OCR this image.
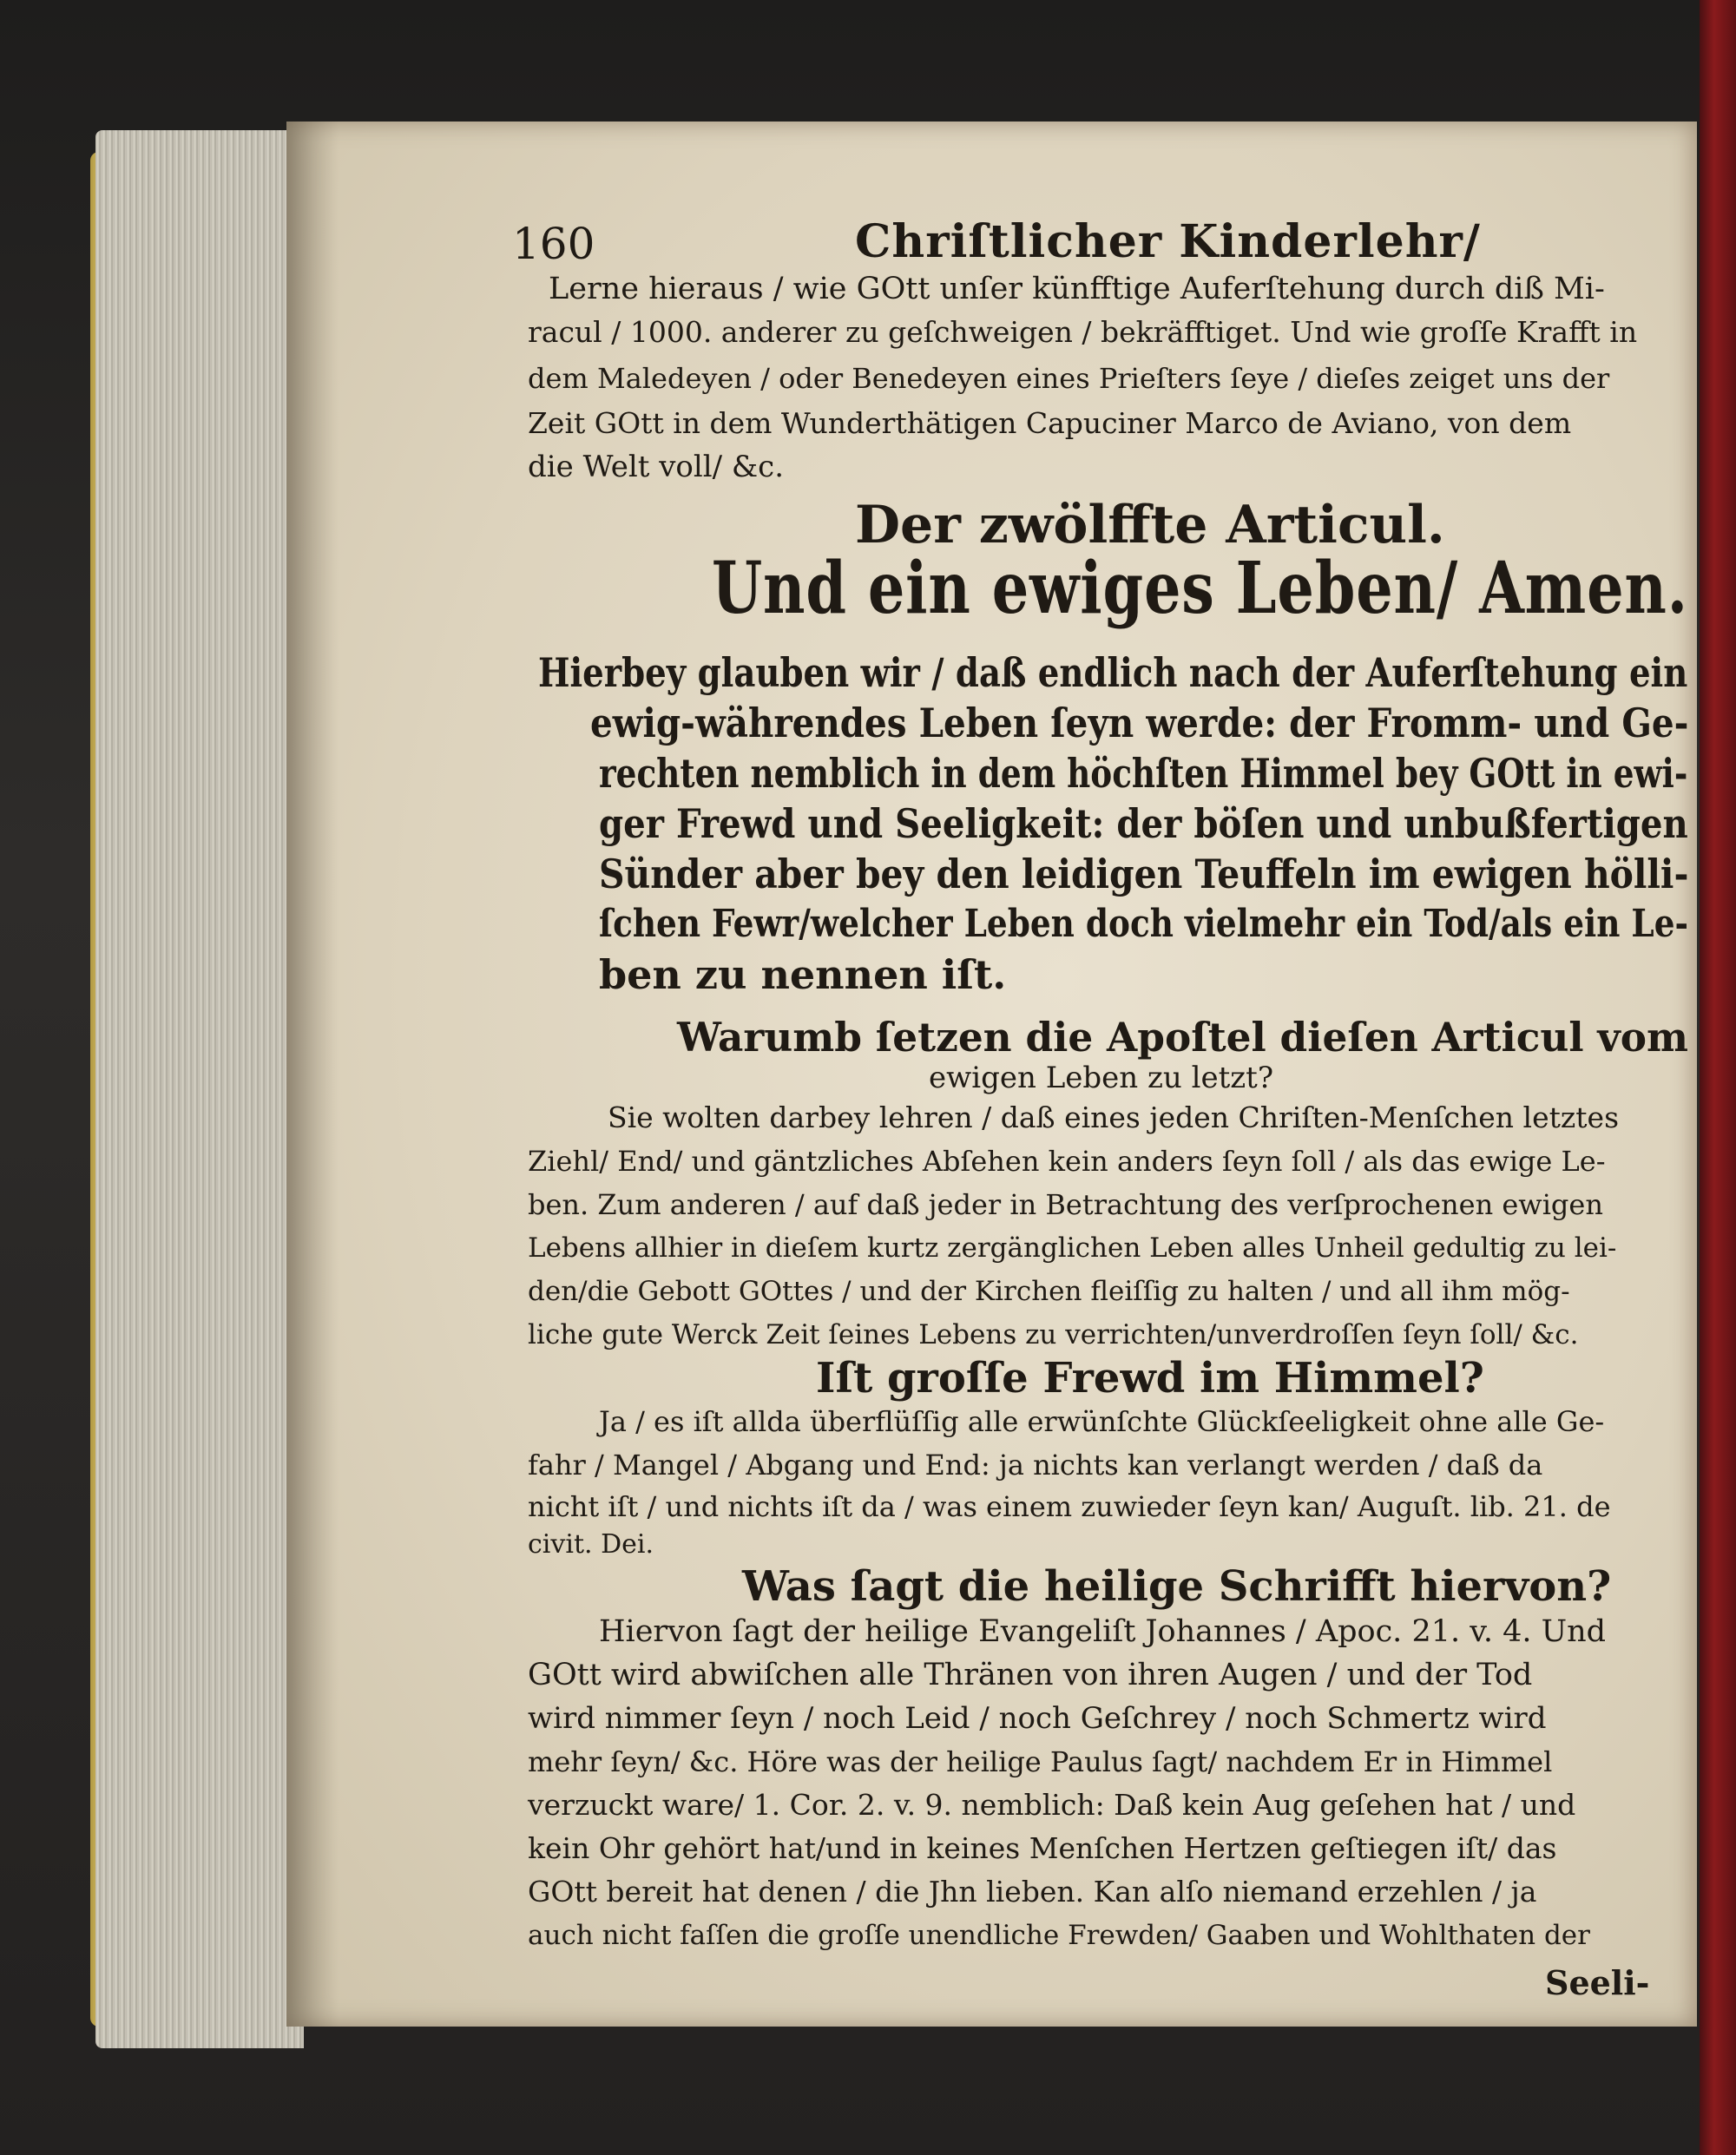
160	Chriſtlicher Kinderlehr/
Lerne hieraus / wie GOtt unſer künfftige Auferſtehung durch diß Mi-
racul / 1000. anderer zu geſchweigen / bekräfftiget. Und wie groſſe Krafft in
dem Maledeyen / oder Benedeyen eines Prieſters ſeye / dieſes zeiget uns der
Zeit GOtt in dem Wunderthätigen Capuciner Marco de Aviano, von dem
die Welt voll/ &c.
Der zwölffte Articul.
Und ein ewiges Leben/ Amen.
Hierbey glauben wir / daß endlich nach der Auferſtehung ein
ewig-währendes Leben ſeyn werde: der Fromm- und Ge-
rechten nemblich in dem höchſten Himmel bey GOtt in ewi-
ger Frewd und Seeligkeit: der böſen und unbußfertigen
Sünder aber bey den leidigen Teuffeln im ewigen hölli-
ſchen Fewr/welcher Leben doch vielmehr ein Tod/als ein Le-
ben zu nennen iſt.
Warumb ſetzen die Apoſtel dieſen Articul vom
ewigen Leben zu letzt?
Sie wolten darbey lehren / daß eines jeden Chriſten-Menſchen letztes
Ziehl/ End/ und gäntzliches Abſehen kein anders ſeyn ſoll / als das ewige Le-
ben. Zum anderen / auf daß jeder in Betrachtung des verſprochenen ewigen
Lebens allhier in dieſem kurtz zergänglichen Leben alles Unheil gedultig zu lei-
den/die Gebott GOttes / und der Kirchen fleiſſig zu halten / und all ihm mög-
liche gute Werck Zeit ſeines Lebens zu verrichten/unverdroſſen ſeyn ſoll/ &c.
Iſt groſſe Frewd im Himmel?
Ja / es iſt allda überflüſſig alle erwünſchte Glückſeeligkeit ohne alle Ge-
fahr / Mangel / Abgang und End: ja nichts kan verlangt werden / daß da
nicht iſt / und nichts iſt da / was einem zuwieder ſeyn kan/ Auguſt. lib. 21. de
civit. Dei.
Was ſagt die heilige Schrifft hiervon?
Hiervon ſagt der heilige Evangeliſt Johannes / Apoc. 21. v. 4. Und
GOtt wird abwiſchen alle Thränen von ihren Augen / und der Tod
wird nimmer ſeyn / noch Leid / noch Geſchrey / noch Schmertz wird
mehr ſeyn/ &c. Höre was der heilige Paulus ſagt/ nachdem Er in Himmel
verzuckt ware/ 1. Cor. 2. v. 9. nemblich: Daß kein Aug geſehen hat / und
kein Ohr gehört hat/und in keines Menſchen Hertzen geſtiegen iſt/ das
GOtt bereit hat denen / die Jhn lieben. Kan alſo niemand erzehlen / ja
auch nicht faſſen die groſſe unendliche Frewden/ Gaaben und Wohlthaten der
Seeli-
